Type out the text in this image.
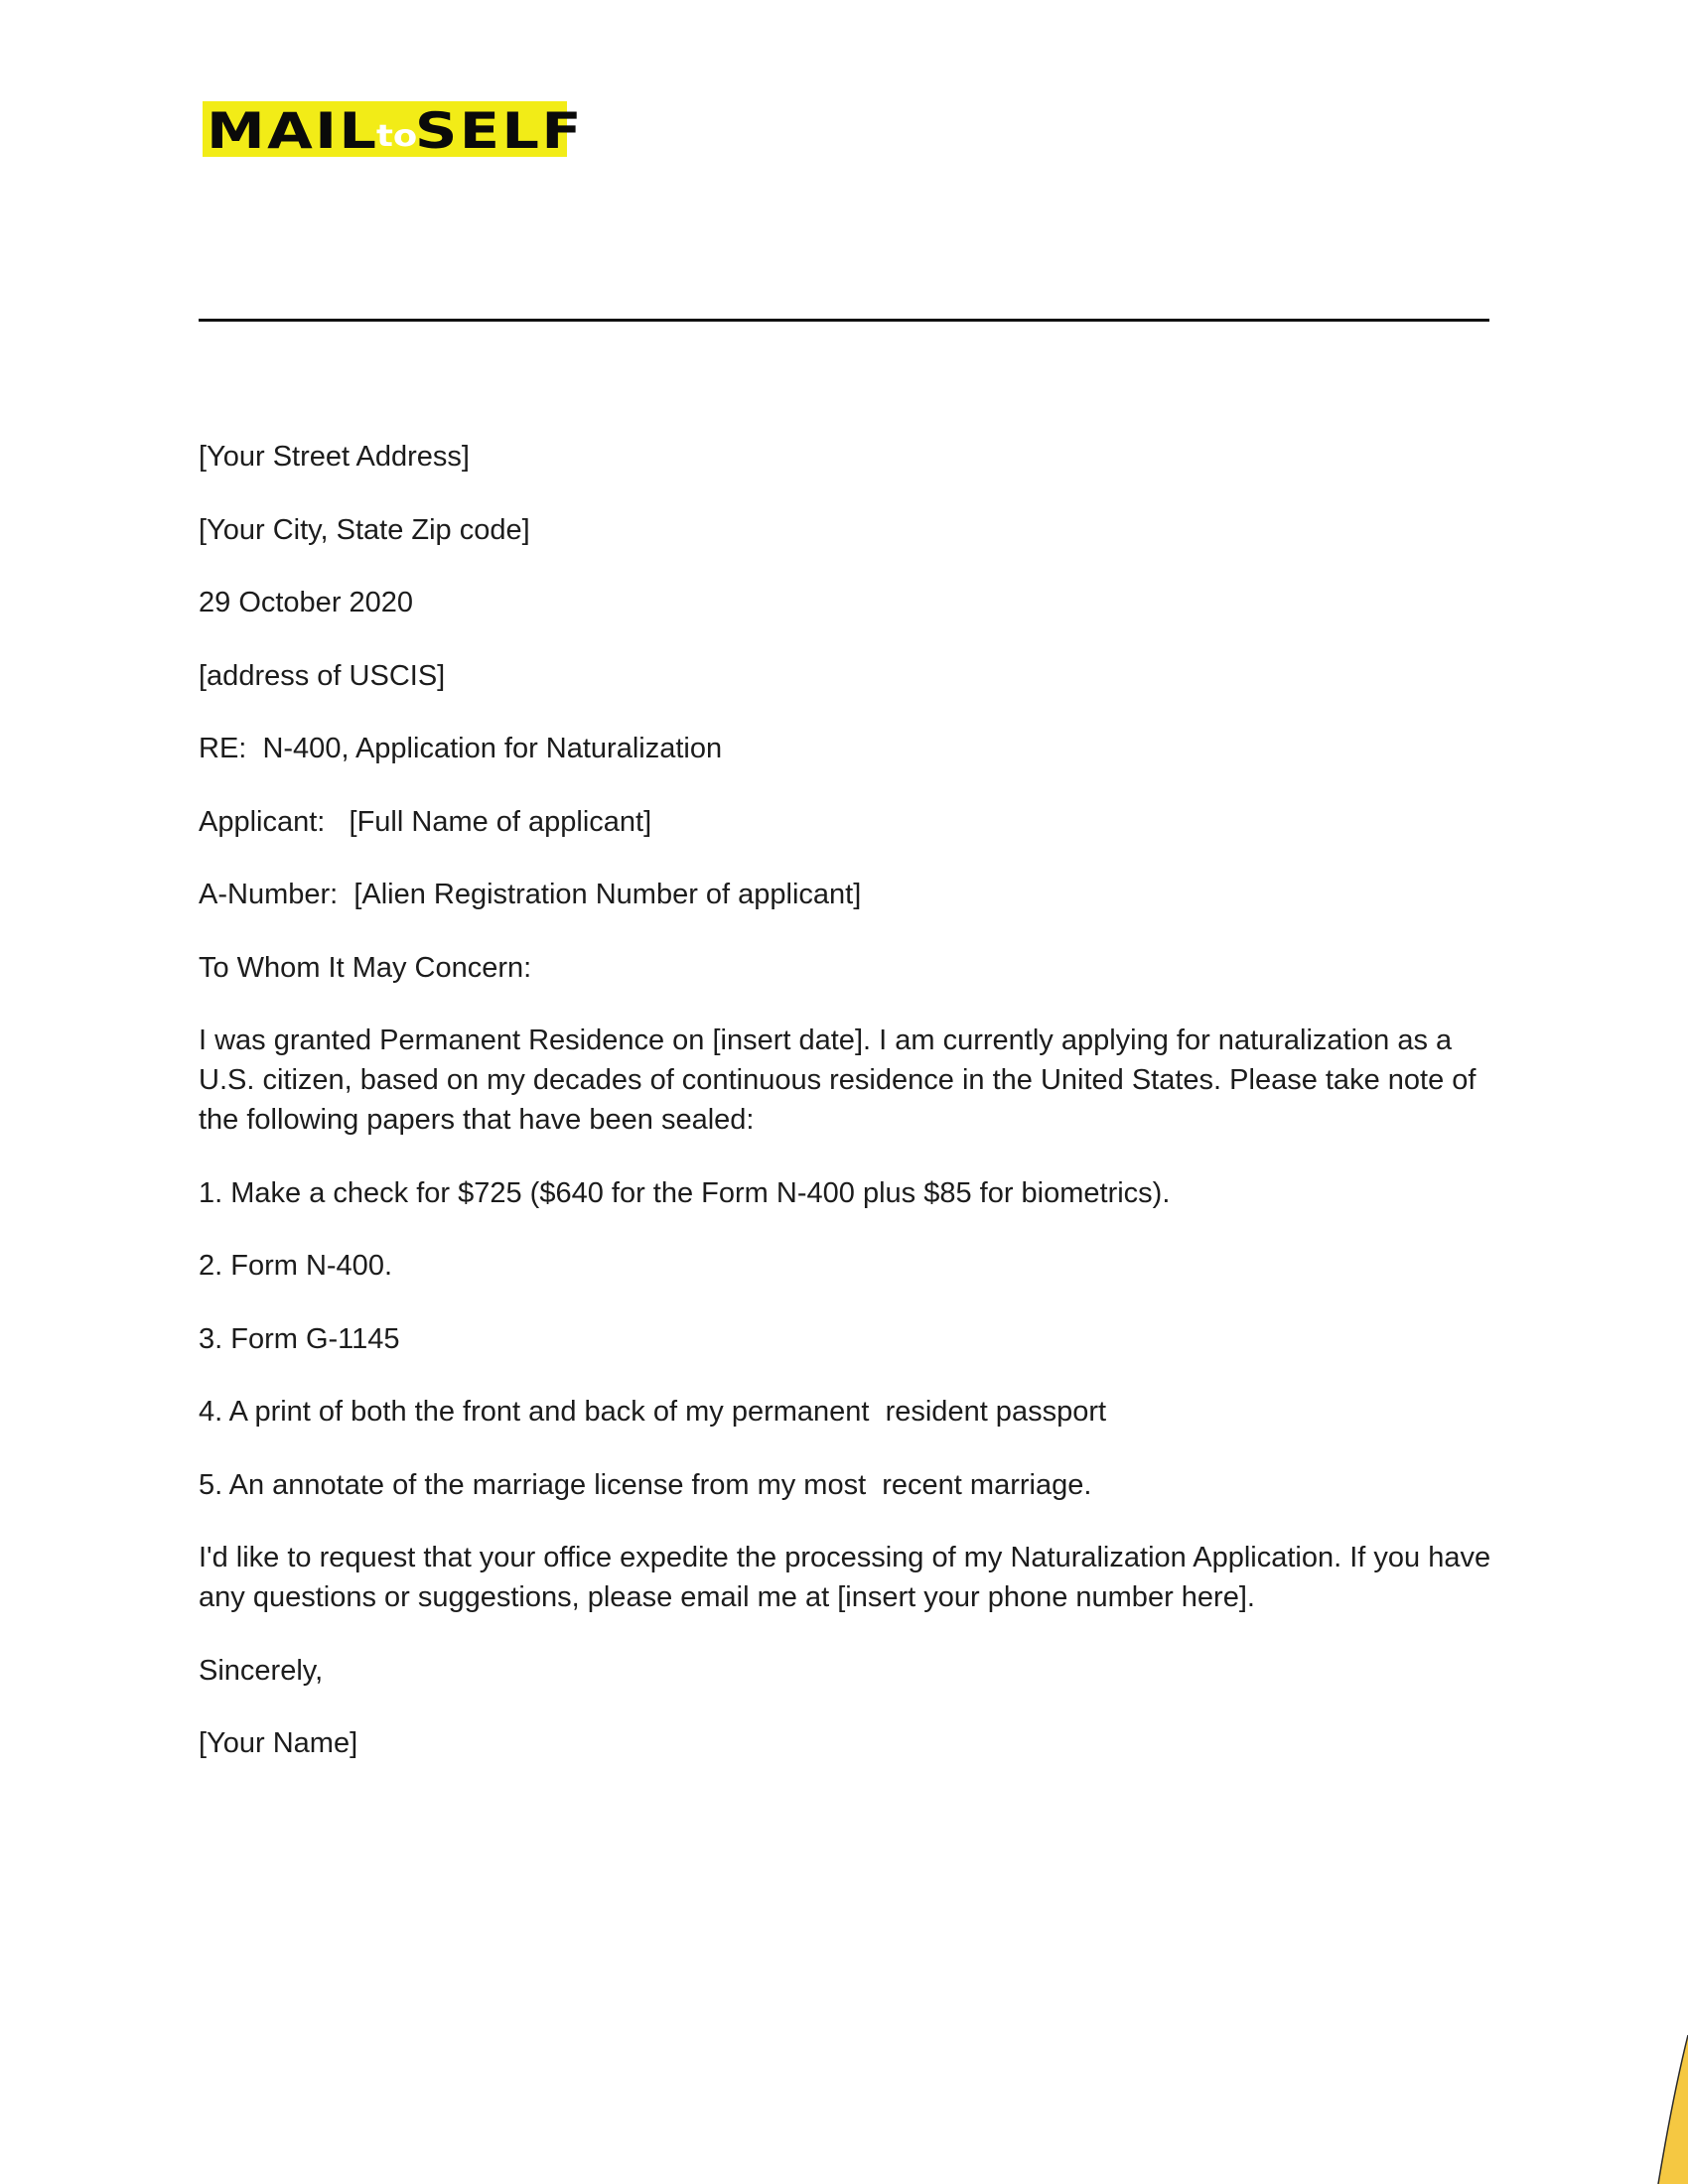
MAILtoSELF

[Your Street Address]

[Your City, State Zip code]

29 October 2020

[address of USCIS]

RE:  N-400, Application for Naturalization

Applicant:   [Full Name of applicant]

A-Number:  [Alien Registration Number of applicant]

To Whom It May Concern:

I was granted Permanent Residence on [insert date]. I am currently applying for naturalization as a U.S. citizen, based on my decades of continuous residence in the United States. Please take note of the following papers that have been sealed:

1. Make a check for $725 ($640 for the Form N-400 plus $85 for biometrics).

2. Form N-400.

3. Form G-1145

4. A print of both the front and back of my permanent  resident passport

5. An annotate of the marriage license from my most  recent marriage.

I'd like to request that your office expedite the processing of my Naturalization Application. If you have any questions or suggestions, please email me at [insert your phone number here].

Sincerely,

[Your Name]
